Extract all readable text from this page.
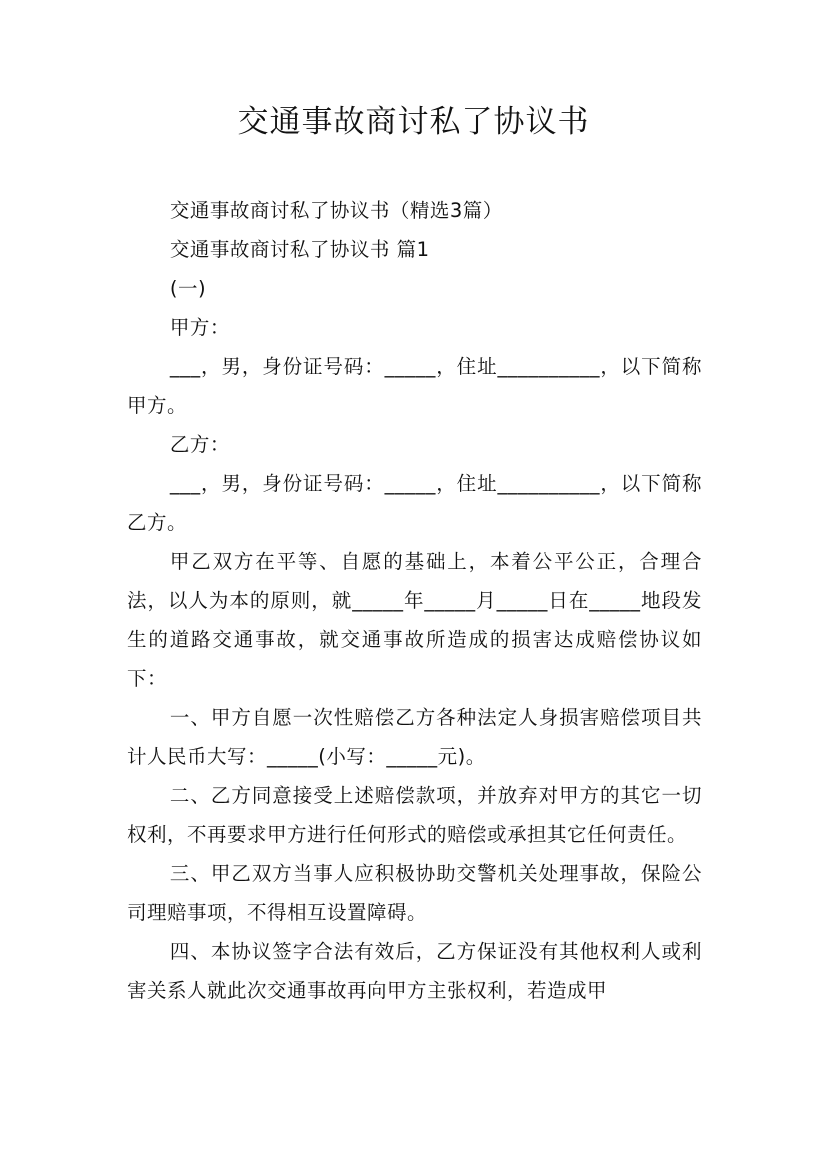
交通事故商讨私了协议书

交通事故商讨私了协议书（精选3篇）

交通事故商讨私了协议书 篇1

(一)

甲方：

___，男，身份证号码：_____，住址__________，以下简称甲方。

乙方：

___，男，身份证号码：_____，住址__________，以下简称乙方。

甲乙双方在平等、自愿的基础上，本着公平公正，合理合法，以人为本的原则，就_____年_____月_____日在_____地段发生的道路交通事故，就交通事故所造成的损害达成赔偿协议如下：

一、甲方自愿一次性赔偿乙方各种法定人身损害赔偿项目共计人民币大写：_____(小写：_____元)。

二、乙方同意接受上述赔偿款项，并放弃对甲方的其它一切权利，不再要求甲方进行任何形式的赔偿或承担其它任何责任。

三、甲乙双方当事人应积极协助交警机关处理事故，保险公司理赔事项，不得相互设置障碍。

四、本协议签字合法有效后，乙方保证没有其他权利人或利害关系人就此次交通事故再向甲方主张权利，若造成甲
